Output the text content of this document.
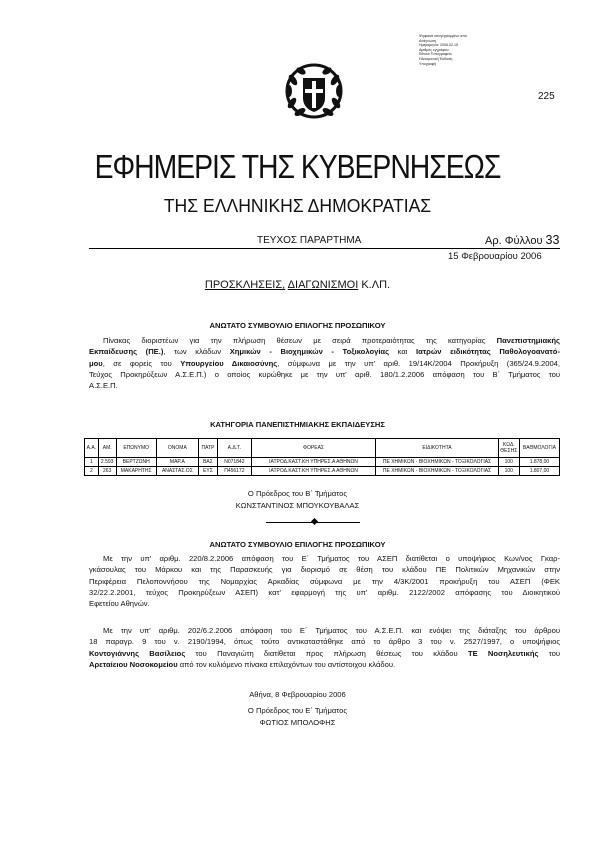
Ψηφιακά υπογεγραμμένο από
Ανάγνωση
Ημερομηνία: 2006.02.15
Αριθμός εγγράφου
Εθνικό Τυπογραφείο
Ηλεκτρονική Έκδοση
Υπογραφή
225
ΕΦΗΜΕΡΙΣ ΤΗΣ ΚΥΒΕΡΝΗΣΕΩΣ
ΤΗΣ ΕΛΛΗΝΙΚΗΣ ΔΗΜΟΚΡΑΤΙΑΣ
ΤΕΥΧΟΣ ΠΑΡΑΡΤΗΜΑ	Αρ. Φύλλου 33
15 Φεβρουαρίου 2006
ΠΡΟΣΚΛΗΣΕΙΣ, ΔΙΑΓΩΝΙΣΜΟΙ Κ.ΛΠ.
ΑΝΩΤΑΤΟ ΣΥΜΒΟΥΛΙΟ ΕΠΙΛΟΓΗΣ ΠΡΟΣΩΠΙΚΟΥ
Πίνακας διοριστέων για την πλήρωση θέσεων με σειρά προτεραιότητας της κατηγορίας Πανεπιστημιακής
Εκπαίδευσης (ΠΕ.), των κλάδων Χημικών - Βιοχημικών - Τοξικολογίας και Ιατρών ειδικότητας Παθολογοανατό-
μου, σε φορείς του Υπουργείου Δικαιοσύνης, σύμφωνα με την υπ' αριθ. 19/14Κ/2004 Προκήρυξη (365/24.9.2004,
Τεύχος Προκηρύξεων Α.Σ.Ε.Π.) ο οποίος κυρώθηκε με την υπ' αριθ. 180/1.2.2006 απόφαση του Β΄ Τμήματος του
Α.Σ.Ε.Π.
ΚΑΤΗΓΟΡΙΑ ΠΑΝΕΠΙΣΤΗΜΙΑΚΗΣ ΕΚΠΑΙΔΕΥΣΗΣ
Α.Α.	ΑΜ.	ΕΠΩΝΥΜΟ	ΟΝΟΜΑ	ΠΑΤΡ	Α.Δ.Τ.	ΦΟΡΕΑΣ	ΕΙΔΙΚΟΤΗΤΑ	ΚΩΔ. ΘΕΣΗΣ	ΒΑΘΜΟΛΟΓΙΑ
1	2.593	ΒΕΡΤΖΩΝΗ	ΜΑΡ.Α	ΒΑΣ	Ν071842	ΙΑΤΡΟΔ.ΚΑΣΤ.ΚΗ ΥΠΗΡΕΣ.Α ΑΘΗΝΩΝ	ΠΕ ΧΗΜΙΚΩΝ - ΒΙΟΧΗΜΙΚΩΝ - ΤΟΞΙΚΟΛΟΓΙΑΣ	100	1.878,00
2	263	ΜΑΚΑΡΗΤΗΣ	ΑΝΑΣΤΑΣ.ΟΣ	ΕΥΣ	Π456172	ΙΑΤΡΟΔ.ΚΑΣΤ.ΚΗ ΥΠΗΡΕΣ.Α ΑΘΗΝΩΝ	ΠΕ ΧΗΜΙΚΩΝ - ΒΙΟΧΗΜΙΚΩΝ - ΤΟΞΙΚΟΛΟΓΙΑΣ	100	1.807,00
Ο Πρόεδρος του Β΄ Τμήματος
ΚΩΝΣΤΑΝΤΙΝΟΣ ΜΠΟΥΚΟΥΒΑΛΑΣ
ΑΝΩΤΑΤΟ ΣΥΜΒΟΥΛΙΟ ΕΠΙΛΟΓΗΣ ΠΡΟΣΩΠΙΚΟΥ
Με την υπ' αριθμ. 220/8.2.2006 απόφαση του Ε΄ Τμήματος του ΑΣΕΠ διατίθεται ο υποψήφιος Κων/νος Γκαρ-
γκάσουλας του Μάρκου και της Παρασκευής για διορισμό σε θέση του κλάδου ΠΕ Πολιτικών Μηχανικών στην
Περιφέρεια Πελοποννήσου της Νομαρχίας Αρκαδίας σύμφωνα με την 4/3Κ/2001 προκήρυξη του ΑΣΕΠ (ΦΕΚ
32/22.2.2001, τεύχος Προκηρύξεων ΑΣΕΠ) κατ' εφαρμογή της υπ' αριθμ. 2122/2002 απόφασης του Διοικητικού
Εφετείου Αθηνών.
Με την υπ' αριθμ. 202/6.2.2006 απόφαση του Ε΄ Τμήματος του Α.Σ.Ε.Π. και ενόψει της διάταξης του άρθρου
18 παραγρ. 9 του ν. 2190/1994, όπως τούτο αντικαταστάθηκε από το άρθρο 3 του ν. 2527/1997, ο υποψήφιος
Κοντογιάννης Βασίλειος του Παναγιώτη διατίθεται προς πλήρωση θέσεως του κλάδου ΤΕ Νοσηλευτικής του
Αρεταίειου Νοσοκομείου από τον κυλιόμενο πίνακα επιλαχόντων του αντίστοιχου κλάδου.
Αθήνα, 8 Φεβρουαρίου 2006
Ο Πρόεδρος του Ε΄ Τμήματος
ΦΩΤΙΟΣ ΜΠΟΛΟΦΗΣ
